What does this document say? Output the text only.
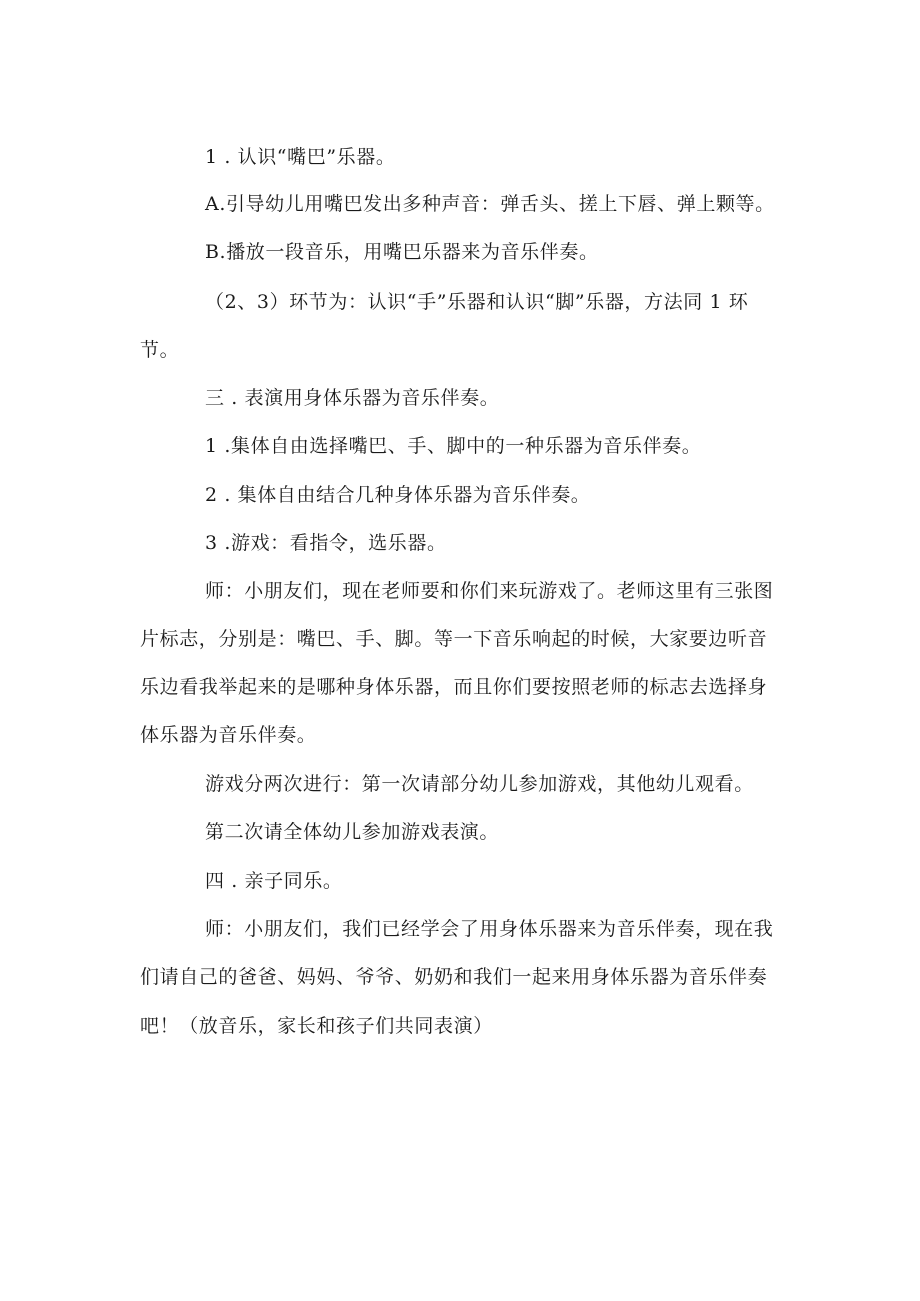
1 . 认识“嘴巴”乐器。
A.引导幼儿用嘴巴发出多种声音：弹舌头、搓上下唇、弹上颗等。
B.播放一段音乐，用嘴巴乐器来为音乐伴奏。
（2、3）环节为：认识“手”乐器和认识“脚”乐器，方法同 1 环
节。
三 . 表演用身体乐器为音乐伴奏。
1 .集体自由选择嘴巴、手、脚中的一种乐器为音乐伴奏。
2 . 集体自由结合几种身体乐器为音乐伴奏。
3 .游戏：看指令，选乐器。
师：小朋友们，现在老师要和你们来玩游戏了。老师这里有三张图
片标志，分别是：嘴巴、手、脚。等一下音乐响起的时候，大家要边听音
乐边看我举起来的是哪种身体乐器，而且你们要按照老师的标志去选择身
体乐器为音乐伴奏。
游戏分两次进行：第一次请部分幼儿参加游戏，其他幼儿观看。
第二次请全体幼儿参加游戏表演。
四 . 亲子同乐。
师：小朋友们，我们已经学会了用身体乐器来为音乐伴奏，现在我
们请自己的爸爸、妈妈、爷爷、奶奶和我们一起来用身体乐器为音乐伴奏
吧！（放音乐，家长和孩子们共同表演）
